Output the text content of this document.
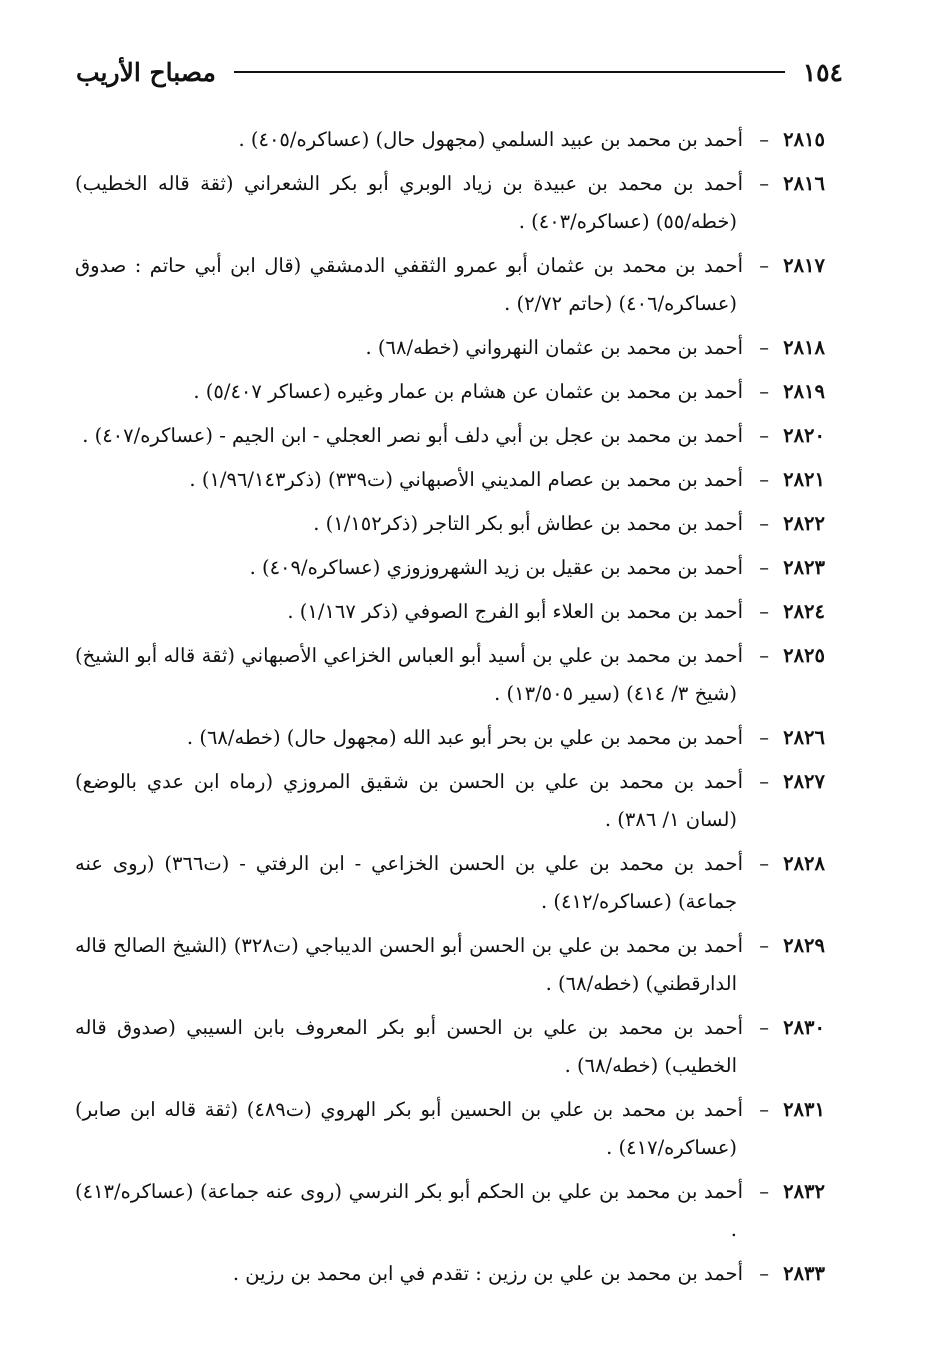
١٥٤
مصباح الأريب
٢٨١٥–أحمد بن محمد بن عبيد السلمي (مجهول حال) (عساكره/٤٠٥) .
٢٨١٦–أحمد بن محمد بن عبيدة بن زياد الوبري أبو بكر الشعراني (ثقة قاله الخطيب) (خطه/٥٥) (عساكره/٤٠٣) .
٢٨١٧–أحمد بن محمد بن عثمان أبو عمرو الثقفي الدمشقي (قال ابن أبي حاتم : صدوق (عساكره/٤٠٦) (حاتم ٢/٧٢) .
٢٨١٨–أحمد بن محمد بن عثمان النهرواني (خطه/٦٨) .
٢٨١٩–أحمد بن محمد بن عثمان عن هشام بن عمار وغيره (عساكر ٥/٤٠٧) .
٢٨٢٠–أحمد بن محمد بن عجل بن أبي دلف أبو نصر العجلي - ابن الجيم - (عساكره/٤٠٧) .
٢٨٢١–أحمد بن محمد بن عصام المديني الأصبهاني (ت٣٣٩) (ذكر١/٩٦/١٤٣) .
٢٨٢٢–أحمد بن محمد بن عطاش أبو بكر التاجر (ذكر١/١٥٢) .
٢٨٢٣–أحمد بن محمد بن عقيل بن زيد الشهروزوزي (عساكره/٤٠٩) .
٢٨٢٤–أحمد بن محمد بن العلاء أبو الفرج الصوفي (ذكر ١/١٦٧) .
٢٨٢٥–أحمد بن محمد بن علي بن أسيد أبو العباس الخزاعي الأصبهاني (ثقة قاله أبو الشيخ) (شيخ ٣/ ٤١٤) (سير ١٣/٥٠٥) .
٢٨٢٦–أحمد بن محمد بن علي بن بحر أبو عبد الله (مجهول حال) (خطه/٦٨) .
٢٨٢٧–أحمد بن محمد بن علي بن الحسن بن شقيق المروزي (رماه ابن عدي بالوضع) (لسان ١/ ٣٨٦) .
٢٨٢٨–أحمد بن محمد بن علي بن الحسن الخزاعي - ابن الرفتي - (ت٣٦٦) (روى عنه جماعة) (عساكره/٤١٢) .
٢٨٢٩–أحمد بن محمد بن علي بن الحسن أبو الحسن الديباجي (ت٣٢٨) (الشيخ الصالح قاله الدارقطني) (خطه/٦٨) .
٢٨٣٠–أحمد بن محمد بن علي بن الحسن أبو بكر المعروف بابن السيبي (صدوق قاله الخطيب) (خطه/٦٨) .
٢٨٣١–أحمد بن محمد بن علي بن الحسين أبو بكر الهروي (ت٤٨٩) (ثقة قاله ابن صابر) (عساكره/٤١٧) .
٢٨٣٢–أحمد بن محمد بن علي بن الحكم أبو بكر النرسي (روى عنه جماعة) (عساكره/٤١٣) .
٢٨٣٣–أحمد بن محمد بن علي بن رزين : تقدم في ابن محمد بن رزين .
